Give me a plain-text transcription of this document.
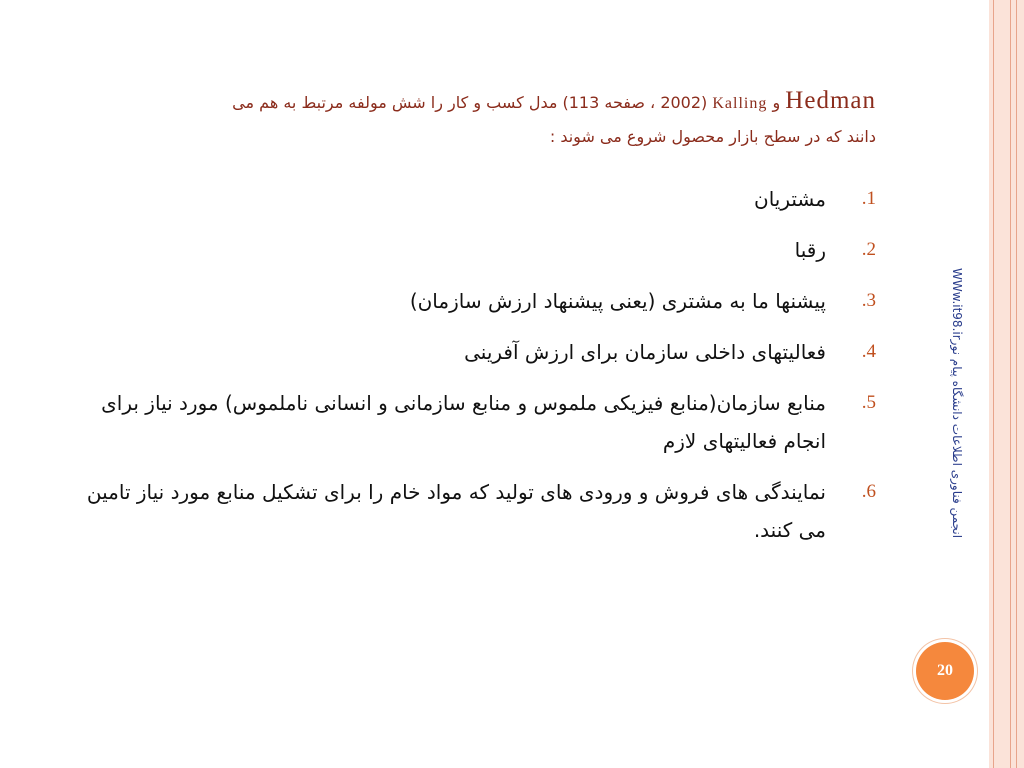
Hedman و Kalling (2002 ، صفحه 113) مدل کسب و کار را شش مولفه مرتبط به هم می
دانند که در سطح بازار محصول شروع می شوند :
1.
مشتریان
2.
رقبا
3.
پیشنها ما به مشتری (یعنی پیشنهاد ارزش سازمان)
4.
فعالیتهای داخلی سازمان برای ارزش آفرینی
5.
منابع سازمان(منابع فیزیکی ملموس و منابع سازمانی و انسانی ناملموس) مورد نیاز برای انجام فعالیتهای لازم
6.
نمایندگی های فروش و ورودی های تولید که مواد خام را برای تشکیل منابع مورد نیاز تامین می کنند.
WWw.it98.irانجمن فناوری اطلاعات دانشگاه پیام نور
20
